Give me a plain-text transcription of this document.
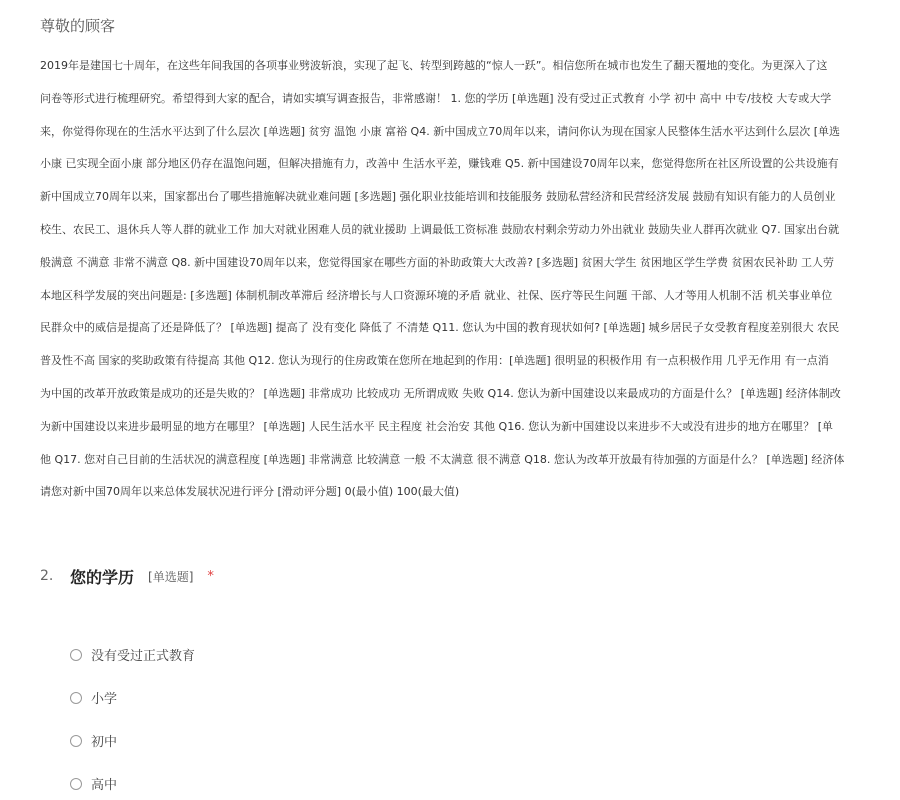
尊敬的顾客
2019年是建国七十周年，在这些年间我国的各项事业劈波斩浪，实现了起飞、转型到跨越的“惊人一跃”。相信您所在城市也发生了翻天覆地的变化。为更深入了这
问卷等形式进行梳理研究。希望得到大家的配合，请如实填写调查报告，非常感谢！ 1. 您的学历 [单选题] 没有受过正式教育 小学 初中 高中 中专/技校 大专或大学
来，你觉得你现在的生活水平达到了什么层次 [单选题] 贫穷 温饱 小康 富裕 Q4. 新中国成立70周年以来，请问你认为现在国家人民整体生活水平达到什么层次 [单选
小康 已实现全面小康 部分地区仍存在温饱问题，但解决措施有力，改善中 生活水平差，赚钱难 Q5. 新中国建设70周年以来，您觉得您所在社区所设置的公共设施有
新中国成立70周年以来，国家都出台了哪些措施解决就业难问题 [多选题] 强化职业技能培训和技能服务 鼓励私营经济和民营经济发展 鼓励有知识有能力的人员创业
校生、农民工、退休兵人等人群的就业工作 加大对就业困难人员的就业援助 上调最低工资标准 鼓励农村剩余劳动力外出就业 鼓励失业人群再次就业 Q7. 国家出台就
般满意 不满意 非常不满意 Q8. 新中国建设70周年以来，您觉得国家在哪些方面的补助政策大大改善? [多选题] 贫困大学生 贫困地区学生学费 贫困农民补助 工人劳
本地区科学发展的突出问题是: [多选题] 体制机制改革滞后 经济增长与人口资源环境的矛盾 就业、社保、医疗等民生问题 干部、人才等用人机制不活 机关事业单位
民群众中的威信是提高了还是降低了？ [单选题] 提高了 没有变化 降低了 不清楚 Q11. 您认为中国的教育现状如何? [单选题] 城乡居民子女受教育程度差别很大 农民
普及性不高 国家的奖助政策有待提高 其他 Q12. 您认为现行的住房政策在您所在地起到的作用：[单选题] 很明显的积极作用 有一点积极作用 几乎无作用 有一点消
为中国的改革开放政策是成功的还是失败的？ [单选题] 非常成功 比较成功 无所谓成败 失败 Q14. 您认为新中国建设以来最成功的方面是什么？ [单选题] 经济体制改
为新中国建设以来进步最明显的地方在哪里？ [单选题] 人民生活水平 民主程度 社会治安 其他 Q16. 您认为新中国建设以来进步不大或没有进步的地方在哪里？ [单
他 Q17. 您对自己目前的生活状况的满意程度 [单选题] 非常满意 比较满意 一般 不太满意 很不满意 Q18. 您认为改革开放最有待加强的方面是什么？ [单选题] 经济体
请您对新中国70周年以来总体发展状况进行评分 [滑动评分题] 0(最小值) 100(最大值)
2.	您的学历 [单选题] *
没有受过正式教育
小学
初中
高中
